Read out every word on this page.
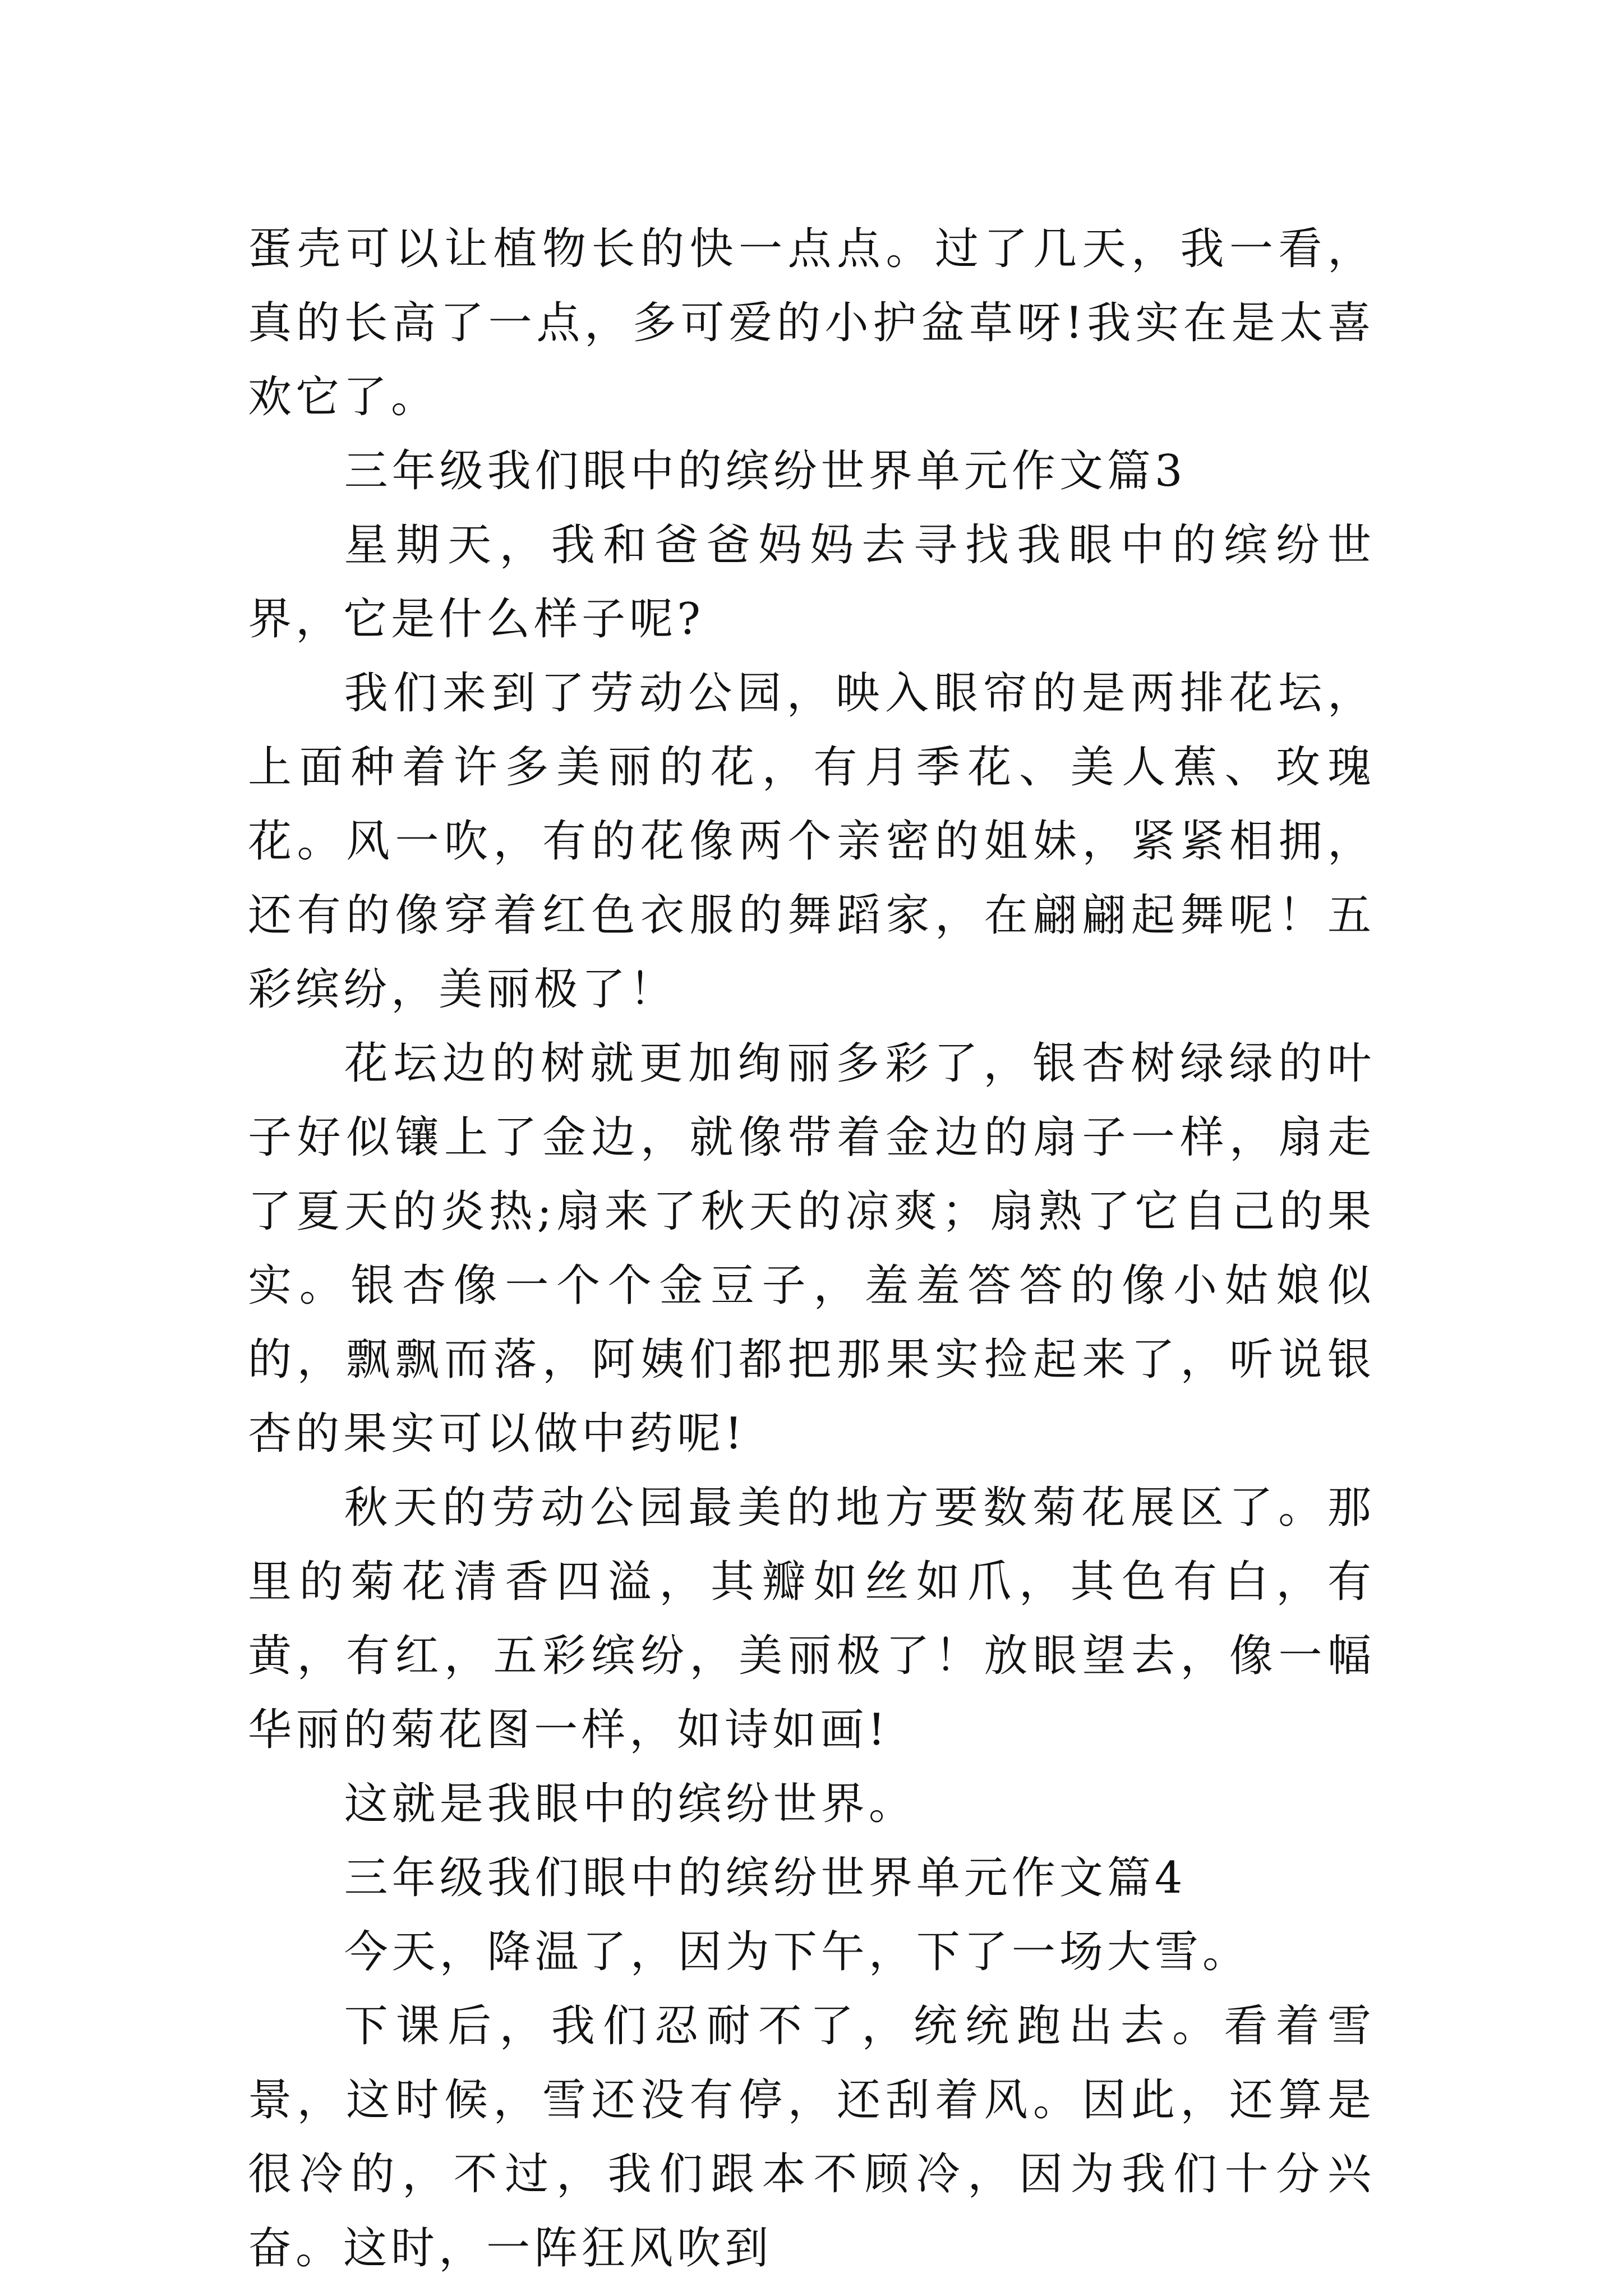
蛋壳可以让植物长的快一点点。过了几天，我一看，真的长高了一点，多可爱的小护盆草呀!我实在是太喜欢它了。

三年级我们眼中的缤纷世界单元作文篇3

星期天，我和爸爸妈妈去寻找我眼中的缤纷世界，它是什么样子呢?

我们来到了劳动公园，映入眼帘的是两排花坛，上面种着许多美丽的花，有月季花、美人蕉、玫瑰花。风一吹，有的花像两个亲密的姐妹，紧紧相拥，还有的像穿着红色衣服的舞蹈家，在翩翩起舞呢！五彩缤纷，美丽极了！

花坛边的树就更加绚丽多彩了，银杏树绿绿的叶子好似镶上了金边，就像带着金边的扇子一样，扇走了夏天的炎热;扇来了秋天的凉爽；扇熟了它自己的果实。银杏像一个个金豆子，羞羞答答的像小姑娘似的，飘飘而落，阿姨们都把那果实捡起来了，听说银杏的果实可以做中药呢!

秋天的劳动公园最美的地方要数菊花展区了。那里的菊花清香四溢，其瓣如丝如爪，其色有白，有黄，有红，五彩缤纷，美丽极了！放眼望去，像一幅华丽的菊花图一样，如诗如画!

这就是我眼中的缤纷世界。

三年级我们眼中的缤纷世界单元作文篇4

今天，降温了，因为下午，下了一场大雪。

下课后，我们忍耐不了，统统跑出去。看着雪景，这时候，雪还没有停，还刮着风。因此，还算是很冷的，不过，我们跟本不顾冷，因为我们十分兴奋。这时，一阵狂风吹到
